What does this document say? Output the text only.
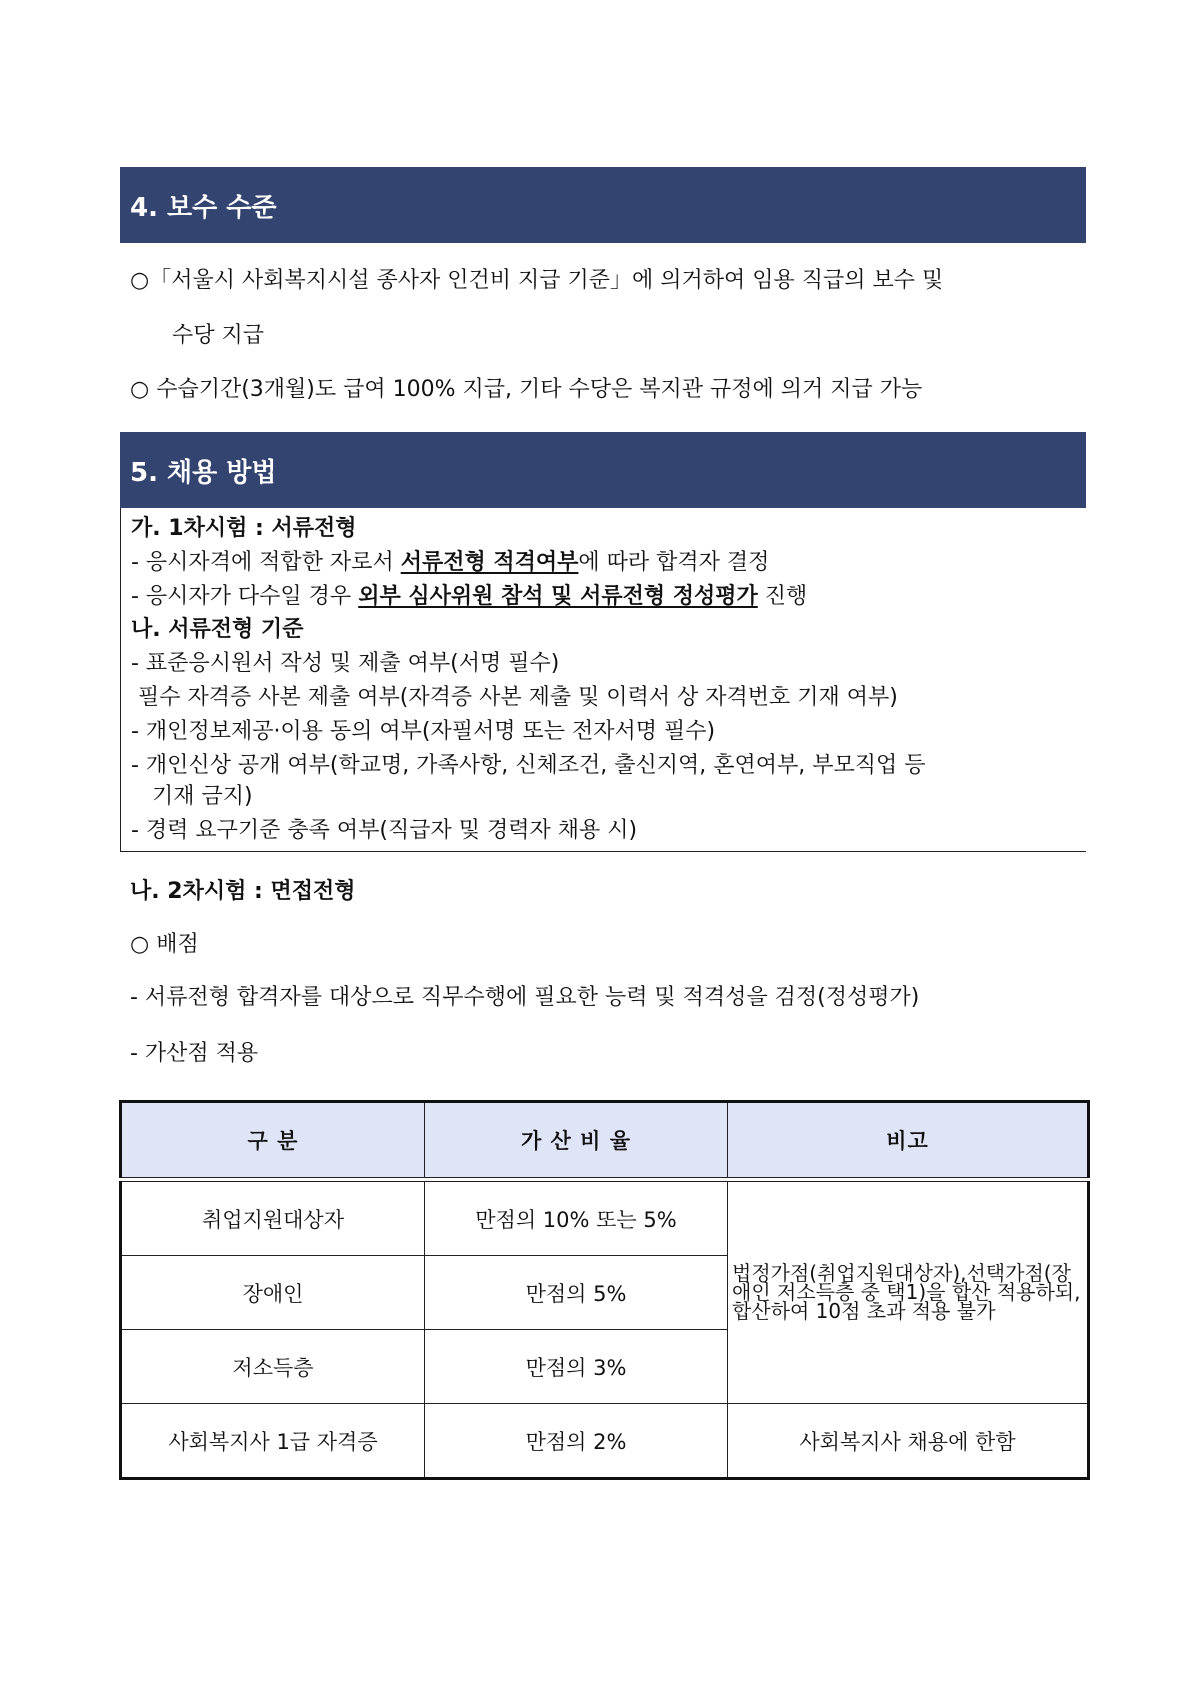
4. 보수 수준
○「서울시 사회복지시설 종사자 인건비 지급 기준」에 의거하여 임용 직급의 보수 및
수당 지급
○ 수습기간(3개월)도 급여 100% 지급, 기타 수당은 복지관 규정에 의거 지급 가능
5. 채용 방법
가. 1차시험 : 서류전형
- 응시자격에 적합한 자로서 서류전형 적격여부에 따라 합격자 결정
- 응시자가 다수일 경우 외부 심사위원 참석 및 서류전형 정성평가 진행
나. 서류전형 기준
- 표준응시원서 작성 및 제출 여부(서명 필수)
필수 자격증 사본 제출 여부(자격증 사본 제출 및 이력서 상 자격번호 기재 여부)
- 개인정보제공·이용 동의 여부(자필서명 또는 전자서명 필수)
- 개인신상 공개 여부(학교명, 가족사항, 신체조건, 출신지역, 혼연여부, 부모직업 등
기재 금지)
- 경력 요구기준 충족 여부(직급자 및 경력자 채용 시)
나. 2차시험 : 면접전형
○ 배점
- 서류전형 합격자를 대상으로 직무수행에 필요한 능력 및 적격성을 검정(정성평가)
- 가산점 적용
구 분	가 산 비 율	비고

취업지원대상자	만점의 10% 또는 5%	법정가점(취업지원대상자),선택가점(장애인 저소득층 중 택1)을 합산 적용하되, 합산하여 10점 초과 적용 불가
장애인	만점의 5%	
저소득층	만점의 3%	
사회복지사 1급 자격증	만점의 2%	사회복지사 채용에 한함
